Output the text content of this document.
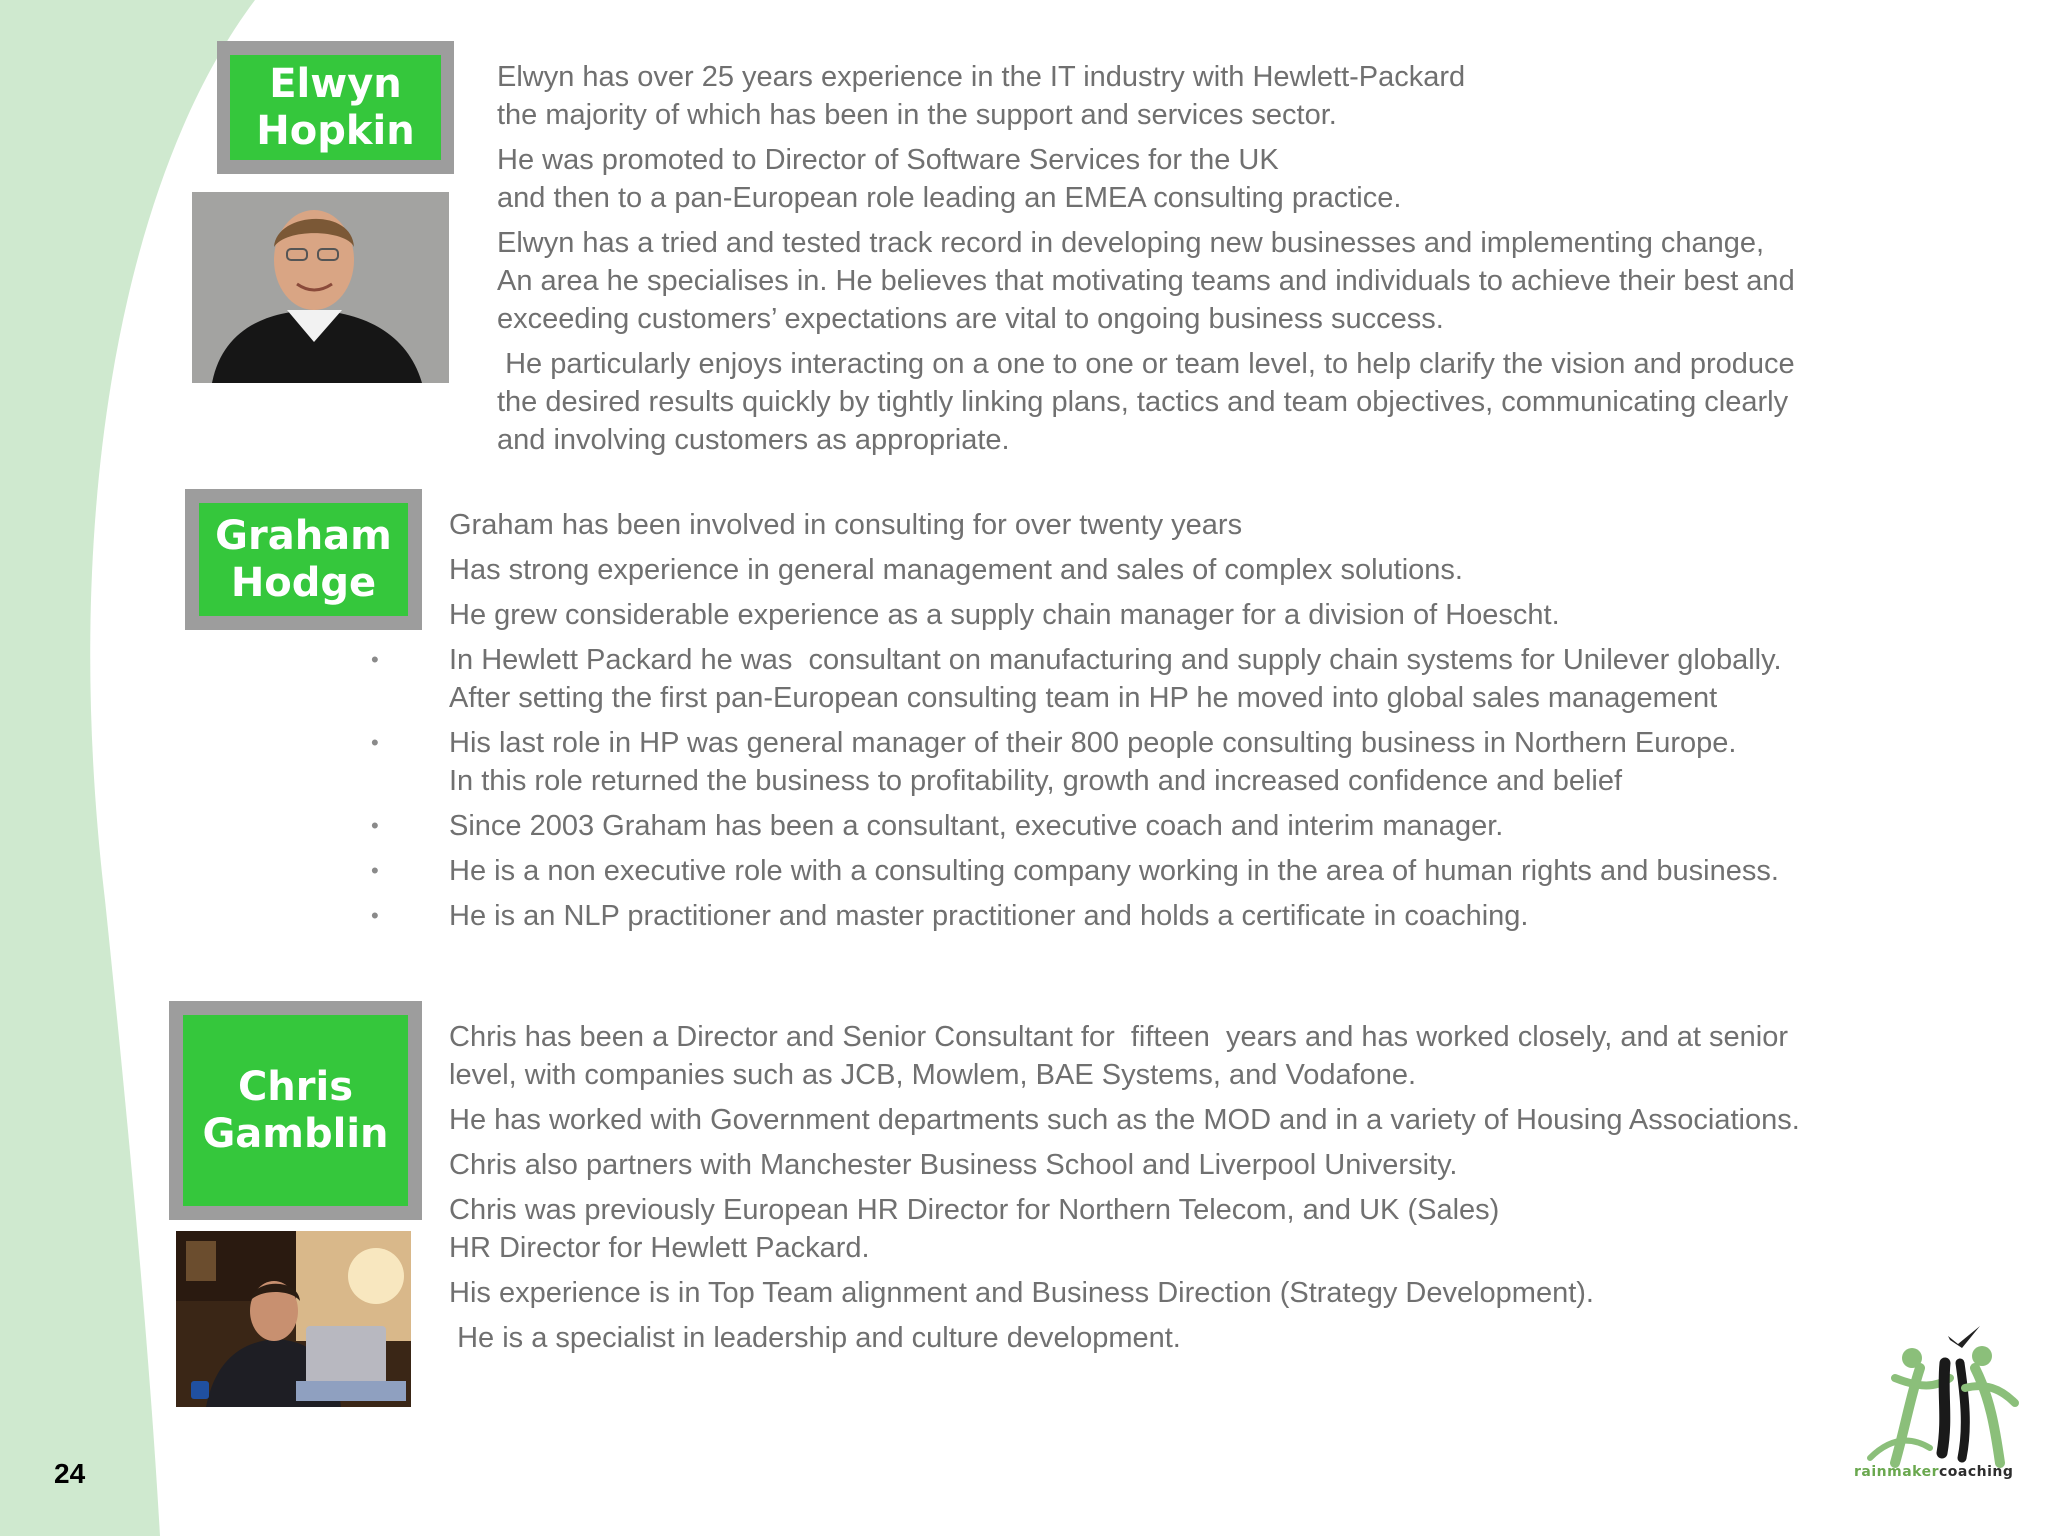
Elwyn
Hopkin

Elwyn has over 25 years experience in the IT industry with Hewlett-Packard
the majority of which has been in the support and services sector.

He was promoted to Director of Software Services for the UK
and then to a pan-European role leading an EMEA consulting practice.

Elwyn has a tried and tested track record in developing new businesses and implementing change,
An area he specialises in. He believes that motivating teams and individuals to achieve their best and
exceeding customers’ expectations are vital to ongoing business success.

He particularly enjoys interacting on a one to one or team level, to help clarify the vision and produce
the desired results quickly by tightly linking plans, tactics and team objectives, communicating clearly
and involving customers as appropriate.

Graham
Hodge

Graham has been involved in consulting for over twenty years

Has strong experience in general management and sales of complex solutions.

He grew considerable experience as a supply chain manager for a division of Hoescht.

• In Hewlett Packard he was  consultant on manufacturing and supply chain systems for Unilever globally.
After setting the first pan-European consulting team in HP he moved into global sales management

• His last role in HP was general manager of their 800 people consulting business in Northern Europe.
In this role returned the business to profitability, growth and increased confidence and belief

• Since 2003 Graham has been a consultant, executive coach and interim manager.

• He is a non executive role with a consulting company working in the area of human rights and business.

• He is an NLP practitioner and master practitioner and holds a certificate in coaching.

Chris
Gamblin

Chris has been a Director and Senior Consultant for  fifteen  years and has worked closely, and at senior
level, with companies such as JCB, Mowlem, BAE Systems, and Vodafone.

He has worked with Government departments such as the MOD and in a variety of Housing Associations.

Chris also partners with Manchester Business School and Liverpool University.

Chris was previously European HR Director for Northern Telecom, and UK (Sales)
HR Director for Hewlett Packard.

His experience is in Top Team alignment and Business Direction (Strategy Development).

He is a specialist in leadership and culture development.

24	rainmakercoaching
